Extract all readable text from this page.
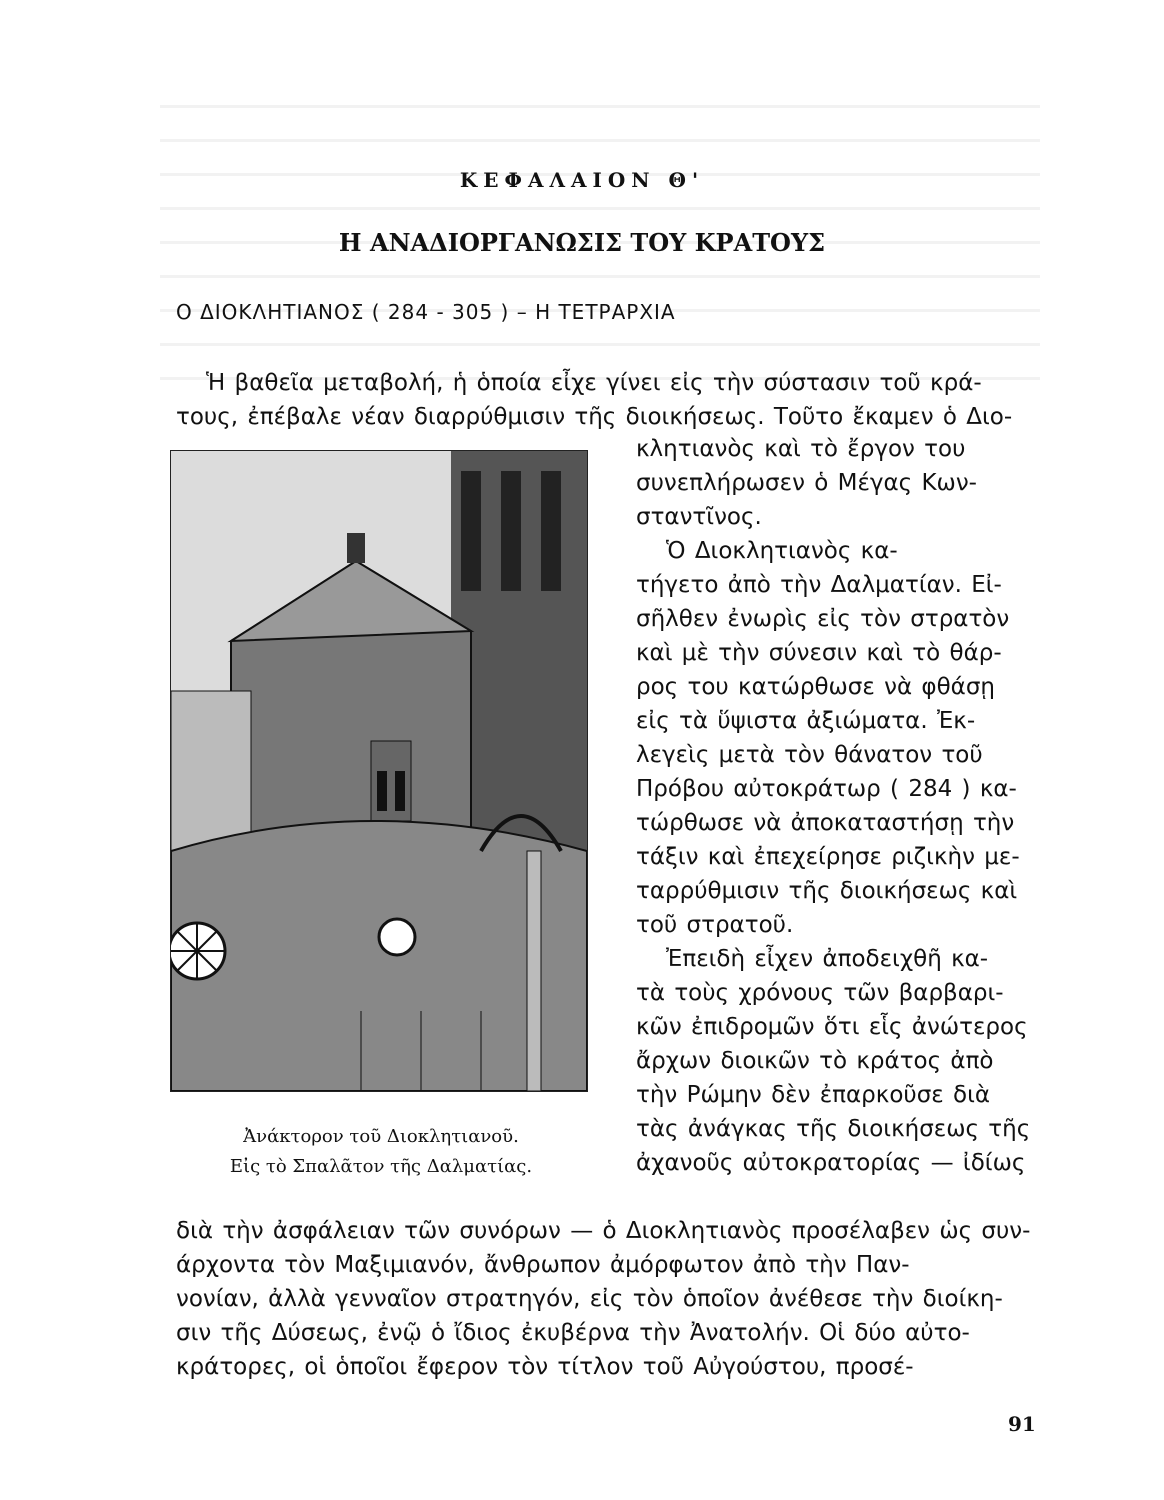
ΚΕΦΑΛΑΙΟΝ Θ'
Η ΑΝΑΔΙΟΡΓΑΝΩΣΙΣ ΤΟΥ ΚΡΑΤΟΥΣ
Ο ΔΙΟΚΛΗΤΙΑΝΟΣ ( 284 - 305 ) – Η ΤΕΤΡΑΡΧΙΑ
Ἡ βαθεῖα μεταβολή, ἡ ὁποία εἶχε γίνει εἰς τὴν σύστασιν τοῦ κρά-
τους, ἐπέβαλε νέαν διαρρύθμισιν τῆς διοικήσεως. Τοῦτο ἔκαμεν ὁ Διο-
Ἀνάκτορον τοῦ Διοκλητιανοῦ.
Εἰς τὸ Σπαλᾶτον τῆς Δαλματίας.
κλητιανὸς καὶ τὸ ἔργον του
συνεπλήρωσεν ὁ Μέγας Κων-
σταντῖνος.
Ὁ Διοκλητιανὸς κα-
τήγετο ἀπὸ τὴν Δαλματίαν. Εἰ-
σῆλθεν ἐνωρὶς εἰς τὸν στρατὸν
καὶ μὲ τὴν σύνεσιν καὶ τὸ θάρ-
ρος του κατώρθωσε νὰ φθάσῃ
εἰς τὰ ὕψιστα ἀξιώματα. Ἐκ-
λεγεὶς μετὰ τὸν θάνατον τοῦ
Πρόβου αὐτοκράτωρ ( 284 ) κα-
τώρθωσε νὰ ἀποκαταστήσῃ τὴν
τάξιν καὶ ἐπεχείρησε ριζικὴν με-
ταρρύθμισιν τῆς διοικήσεως καὶ
τοῦ στρατοῦ.
Ἐπειδὴ εἶχεν ἀποδειχθῆ κα-
τὰ τοὺς χρόνους τῶν βαρβαρι-
κῶν ἐπιδρομῶν ὅτι εἷς ἀνώτερος
ἄρχων διοικῶν τὸ κράτος ἀπὸ
τὴν Ρώμην δὲν ἐπαρκοῦσε διὰ
τὰς ἀνάγκας τῆς διοικήσεως τῆς
ἀχανοῦς αὐτοκρατορίας — ἰδίως
διὰ τὴν ἀσφάλειαν τῶν συνόρων — ὁ Διοκλητιανὸς προσέλαβεν ὡς συν-
άρχοντα τὸν Μαξιμιανόν, ἄνθρωπον ἀμόρφωτον ἀπὸ τὴν Παν-
νονίαν, ἀλλὰ γενναῖον στρατηγόν, εἰς τὸν ὁποῖον ἀνέθεσε τὴν διοίκη-
σιν τῆς Δύσεως, ἐνῷ ὁ ἴδιος ἐκυβέρνα τὴν Ἀνατολήν. Οἱ δύο αὐτο-
κράτορες, οἱ ὁποῖοι ἔφερον τὸν τίτλον τοῦ Αὐγούστου, προσέ-
91
